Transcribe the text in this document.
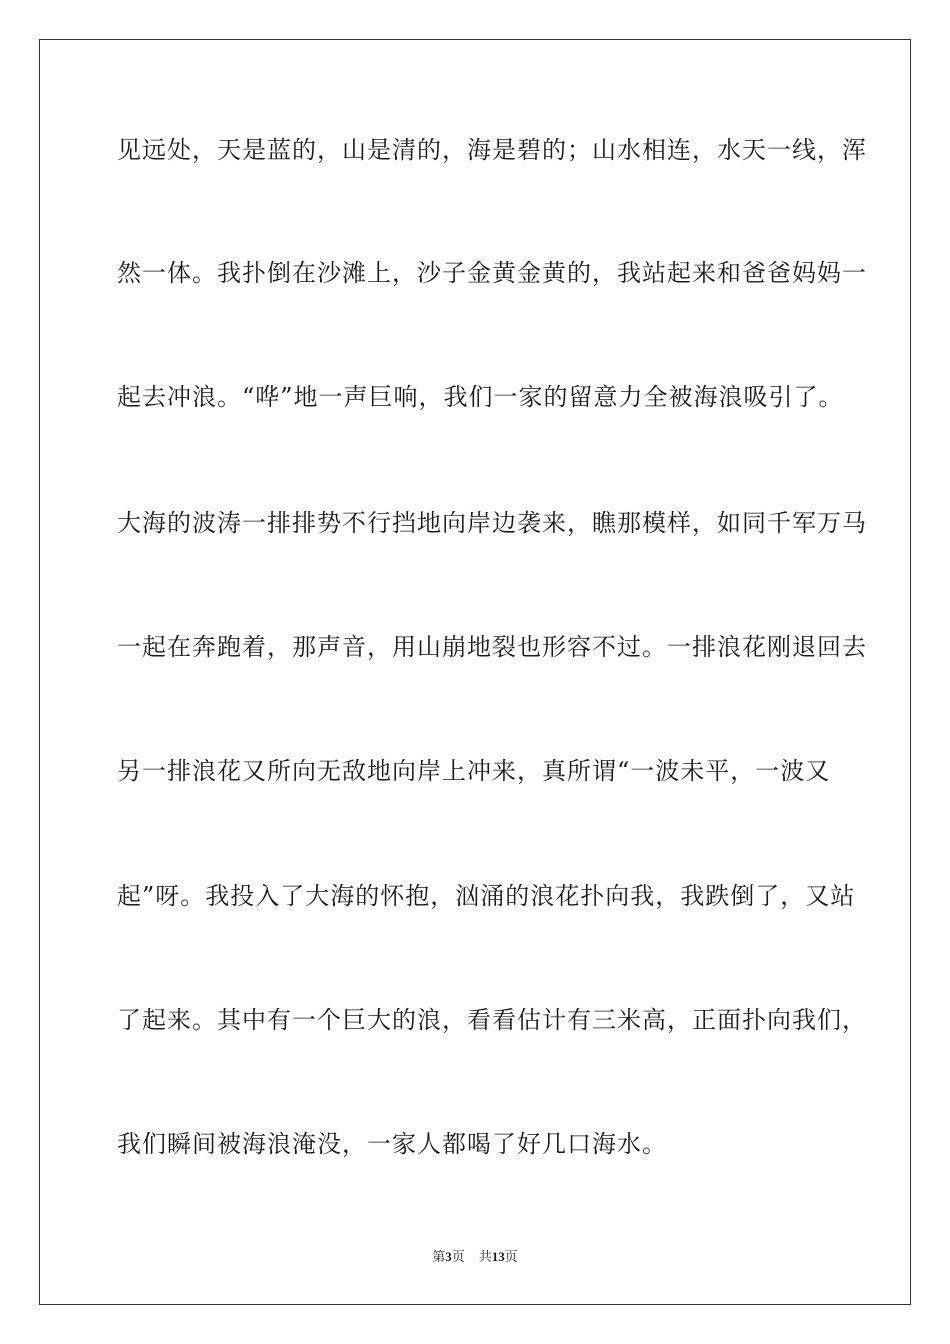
见远处，天是蓝的，山是清的，海是碧的；山水相连，水天一线，浑
然一体。我扑倒在沙滩上，沙子金黄金黄的，我站起来和爸爸妈妈一
起去冲浪。“哗”地一声巨响，我们一家的留意力全被海浪吸引了。
大海的波涛一排排势不行挡地向岸边袭来，瞧那模样，如同千军万马
一起在奔跑着，那声音，用山崩地裂也形容不过。一排浪花刚退回去
另一排浪花又所向无敌地向岸上冲来，真所谓“一波未平，一波又
起”呀。我投入了大海的怀抱，汹涌的浪花扑向我，我跌倒了，又站
了起来。其中有一个巨大的浪，看看估计有三米高，正面扑向我们，
我们瞬间被海浪淹没，一家人都喝了好几口海水。
第3页 共13页
